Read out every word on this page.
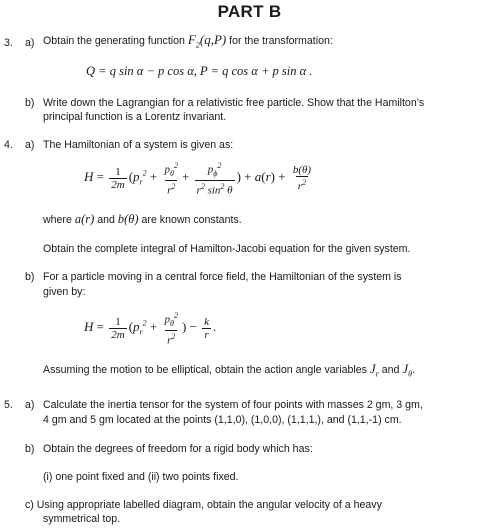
PART B
3. a) Obtain the generating function $F_2(q,P)$ for the transformation:
Q = q sin α − p cos α, P = q cos α + p sin α .
b) Write down the Lagrangian for a relativistic free particle. Show that the Hamilton’s
principal function is a Lorentz invariant.
4. a) The Hamiltonian of a system is given as:
$H = \frac{1}{2m} (p_r^2 + \frac{p_\theta^2}{r^2} + \frac{p_\phi^2}{r^2 \sin^2 \theta}$ ) + $a(r) + \frac{b(\theta)}{r^2}$
where a(r) and b(θ) are known constants.
Obtain the complete integral of Hamilton-Jacobi equation for the given system.
b) For a particle moving in a central force field, the Hamiltonian of the system is
given by:
$H = \frac{1}{2m} (p_r^2 + \frac{p_\theta^2}{r^2}$ ) − $\frac{k}{r}$ .
Assuming the motion to be elliptical, obtain the action angle variables $J_r$ and $J_\theta$.
5. a) Calculate the inertia tensor for the system of four points with masses 2 gm, 3 gm,
4 gm and 5 gm located at the points (1,1,0), (1,0,0), (1,1,1,), and (1,1,-1) cm.
b) Obtain the degrees of freedom for a rigid body which has:
(i) one point fixed and (ii) two points fixed.
c) Using appropriate labelled diagram, obtain the angular velocity of a heavy
symmetrical top.
